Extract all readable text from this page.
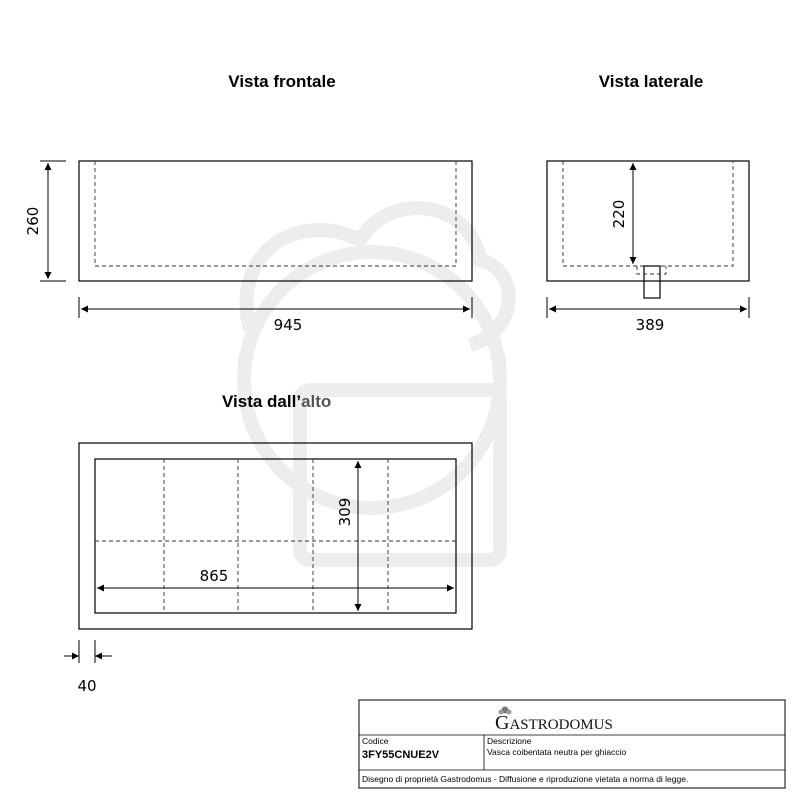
Vista frontale
260
945
Vista laterale
220
389
Vista dall’alto
865
309
40
GASTRODOMUS
Codice
3FY55CNUE2V
Descrizione
Vasca coibentata neutra per ghiaccio
Disegno di proprietà Gastrodomus - Diffusione e riproduzione vietata a norma di legge.
